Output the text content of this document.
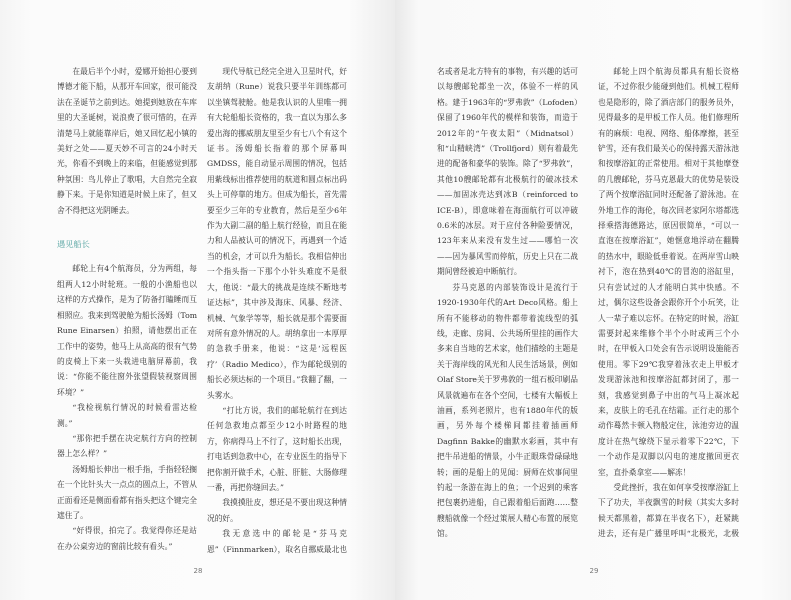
在最后半个小时，爱娜开始担心要到博德才能下船，从那开车回家，很可能没法在圣诞节之前到达。她提到她放在车库里的大圣诞树，说浪费了很可惜的，在弄清楚马上就能靠岸后，她又回忆起小镇的美好之处——夏天妙不可言的24小时天光，你看不到晚上的来临，但能感觉到那种氛围：鸟儿停止了歌唱，大自然完全寂静下来。于是你知道是时候上床了，但又舍不得把这光阴睡去。

遇见船长

邮轮上有4个航海员，分为两组，每组两人12小时轮班。一般的小渔船也以这样的方式操作，是为了防备打瞌睡而互相照应。我来到驾驶舱为船长汤姆（Tom Rune Einarsen）拍照，请他摆出正在工作中的姿势，他马上从高高的很有气势的皮椅上下来一头栽进电脑屏幕前，我说：“你能不能往窗外张望假装视察周围环境？”

“我检视航行情况的时候看雷达检测。”

“那你把手摆在决定航行方向的控制器上怎么样？”

汤姆船长伸出一根手指，手指轻轻搁在一个比针头大一点点的圆点上，不管从正面看还是侧面看都有指头把这个键完全遮住了。

“好得很，拍完了。我觉得你还是站在办公桌旁边的窗前比较有看头。”

现代导航已经完全进入卫星时代，好友胡纳（Rune）说我只要半年训练都可以坐镇驾驶舱。他是我认识的人里唯一拥有大轮船船长资格的，我一直以为那么多爱出海的挪威朋友里至少有七八个有这个证书。汤姆船长指着的那个屏幕叫GMDSS，能自动显示周围的情况，包括用紫线标出推荐使用的航道和圆点标出码头上可停靠的地方。但成为船长，首先需要至少三年的专业教育，然后是至少6年作为大副二副的船上航行经验，而且在能力和人品被认可的情况下，再遇到一个适当的机会，才可以升为船长。我相信伸出一个指头指一下那个小针头难度不是很大，他说：“最大的挑战是连续不断地考证达标”，其中涉及海床、风暴、经济、机械、气象学等等，船长就是那个需要面对所有意外情况的人。胡纳拿出一本厚厚的急救手册来，他说：“这是‘远程医疗’（Radio Medico），作为邮轮级别的船长必须达标的一个项目。”我翻了翻，一头雾水。

“打比方说，我们的邮轮航行在到达任何急救地点都至少12小时路程的地方，你病得马上不行了，这时船长出现，打电话到急救中心，在专业医生的指导下把你割开做手术，心脏、肝脏、大肠修理一番，再把你缝回去。”

我摸摸肚皮，想还是不要出现这种情况的好。

我无意选中的邮轮是“芬马克恩”（Finnmarken），取名自挪威最北也

28

名或者是北方特有的事物，有兴趣的话可以每艘邮轮都坐一次，体验不一样的风格。建于1963年的“罗弗敦”（Lofoden）保留了1960年代的模样和装饰，而造于2012年的“午夜太阳”（Midnatsol）和“山精峡湾”（Trollfjord）则有着最先进的配备和豪华的装饰。除了“罗弗敦”，其他10艘邮轮都有北极航行的破冰技术——加固冰壳达到冰B（reinforced to ICE-B），即意味着在海面航行可以冲破0.6米的冰层。对于应付各种险要情况，123年来从来没有发生过——哪怕一次——因为暴风雪而停航，历史上只在二战期间曾经被迫中断航行。

芬马克恩的内部装饰设计是流行于1920-1930年代的Art Deco风格。船上所有不能移动的物件都带着流线型的弧线，走廊、房间、公共场所里挂的画作大多来自当地的艺术家，他们描绘的主题是关于海岸线的风光和人民生活场景，例如Olaf Store关于罗弗敦的一组石板印刷品风景就遍布在各个空间，七楼有大幅板上油画，系列老照片，也有1880年代的版画，另外每个楼梯间都挂着插画师Dagfinn Bakke的幽默水彩画，其中有把牛吊进船的情景，小牛正眼珠骨碌碌地转；画的是船上的见闻：厨师在炊事间里钓起一条游在海上的鱼；一个迟到的乘客把包裹扔进船，自己跟着船后面跑……整艘船就像一个经过策展人精心布置的展览馆。

邮轮上四个航海员都具有船长资格证，不过你很少能碰到他们。机械工程师也是隐形的，除了酒店部门的服务员外，见得最多的是甲板工作人员。他们修理所有的麻烦：电视、网络、船体摩擦，甚至铲雪，还有我们最关心的保持露天游泳池和按摩浴缸的正常使用。相对于其他摩登的几艘邮轮，芬马克恩最大的优势是装设了两个按摩浴缸同时还配备了游泳池。在外地工作的海伦，每次回老家阿尔塔都选择乘搭海德路达，原因很简单，“可以一直泡在按摩浴缸”，她惬意地浮动在翻腾的热水中，眼睑低垂着说。在两岸雪山映衬下，泡在热到40℃的冒泡的浴缸里，只有尝试过的人才能明白其中快感。不过，偶尔这些设备会跟你开个小玩笑，让人一辈子难以忘怀。在特定的时候，浴缸需要封起来维修个半个小时或两三个小时，在甲板入口处会有告示说明设施能否使用。零下29℃我穿着泳衣走上甲板才发现游泳池和按摩浴缸都封闭了，那一刻，我感觉到鼻子中出的气马上凝冰起来，皮肤上的毛孔在结霜。正行走的那个动作蓦然卡顿入物般定住，泳池旁边的温度计在热气缭绕下显示着零下22℃，下一个动作是双脚以闪电的速度撤回更衣室，直扑桑拿室——解冻！

受此挫折，我在如何享受按摩浴缸上下了功夫，半夜飘雪的时候（其实大多时候天都黑着，都算在半夜名下），赶紧跳进去，还有是广播里呼叫“北极光，北极

29
